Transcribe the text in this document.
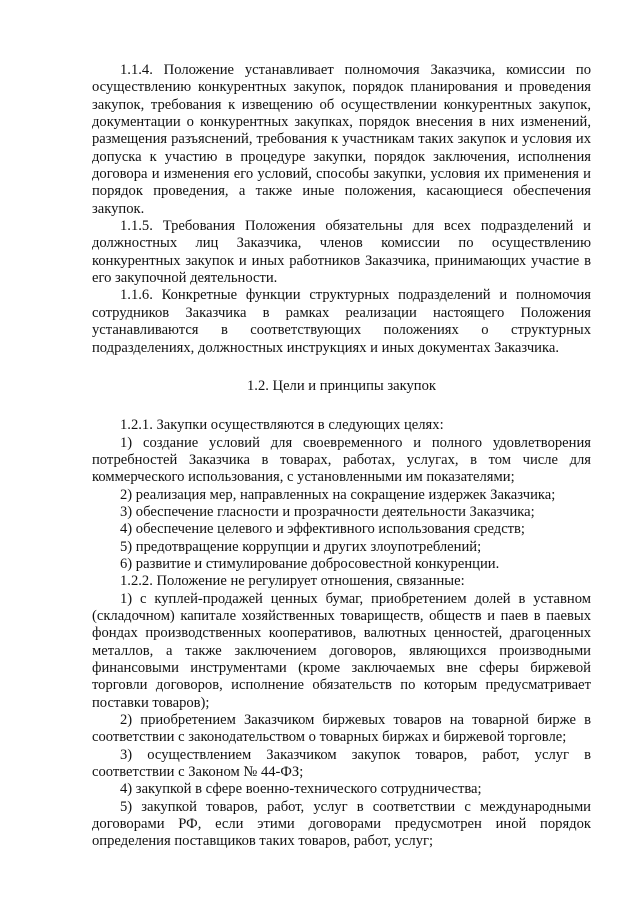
1.1.4. Положение устанавливает полномочия Заказчика, комиссии по осуществлению конкурентных закупок, порядок планирования и проведения закупок, требования к извещению об осуществлении конкурентных закупок, документации о конкурентных закупках, порядок внесения в них изменений, размещения разъяснений, требования к участникам таких закупок и условия их допуска к участию в процедуре закупки, порядок заключения, исполнения договора и изменения его условий, способы закупки, условия их применения и порядок проведения, а также иные положения, касающиеся обеспечения закупок.

1.1.5. Требования Положения обязательны для всех подразделений и должностных лиц Заказчика, членов комиссии по осуществлению конкурентных закупок и иных работников Заказчика, принимающих участие в его закупочной деятельности.

1.1.6. Конкретные функции структурных подразделений и полномочия сотрудников Заказчика в рамках реализации настоящего Положения устанавливаются в соответствующих положениях о структурных подразделениях, должностных инструкциях и иных документах Заказчика.

1.2. Цели и принципы закупок

1.2.1. Закупки осуществляются в следующих целях:

1) создание условий для своевременного и полного удовлетворения потребностей Заказчика в товарах, работах, услугах, в том числе для коммерческого использования, с установленными им показателями;

2) реализация мер, направленных на сокращение издержек Заказчика;

3) обеспечение гласности и прозрачности деятельности Заказчика;

4) обеспечение целевого и эффективного использования средств;

5) предотвращение коррупции и других злоупотреблений;

6) развитие и стимулирование добросовестной конкуренции.

1.2.2. Положение не регулирует отношения, связанные:

1) с куплей-продажей ценных бумаг, приобретением долей в уставном (складочном) капитале хозяйственных товариществ, обществ и паев в паевых фондах производственных кооперативов, валютных ценностей, драгоценных металлов, а также заключением договоров, являющихся производными финансовыми инструментами (кроме заключаемых вне сферы биржевой торговли договоров, исполнение обязательств по которым предусматривает поставки товаров);

2) приобретением Заказчиком биржевых товаров на товарной бирже в соответствии с законодательством о товарных биржах и биржевой торговле;

3) осуществлением Заказчиком закупок товаров, работ, услуг в соответствии с Законом № 44-ФЗ;

4) закупкой в сфере военно-технического сотрудничества;

5) закупкой товаров, работ, услуг в соответствии с международными договорами РФ, если этими договорами предусмотрен иной порядок определения поставщиков таких товаров, работ, услуг;
